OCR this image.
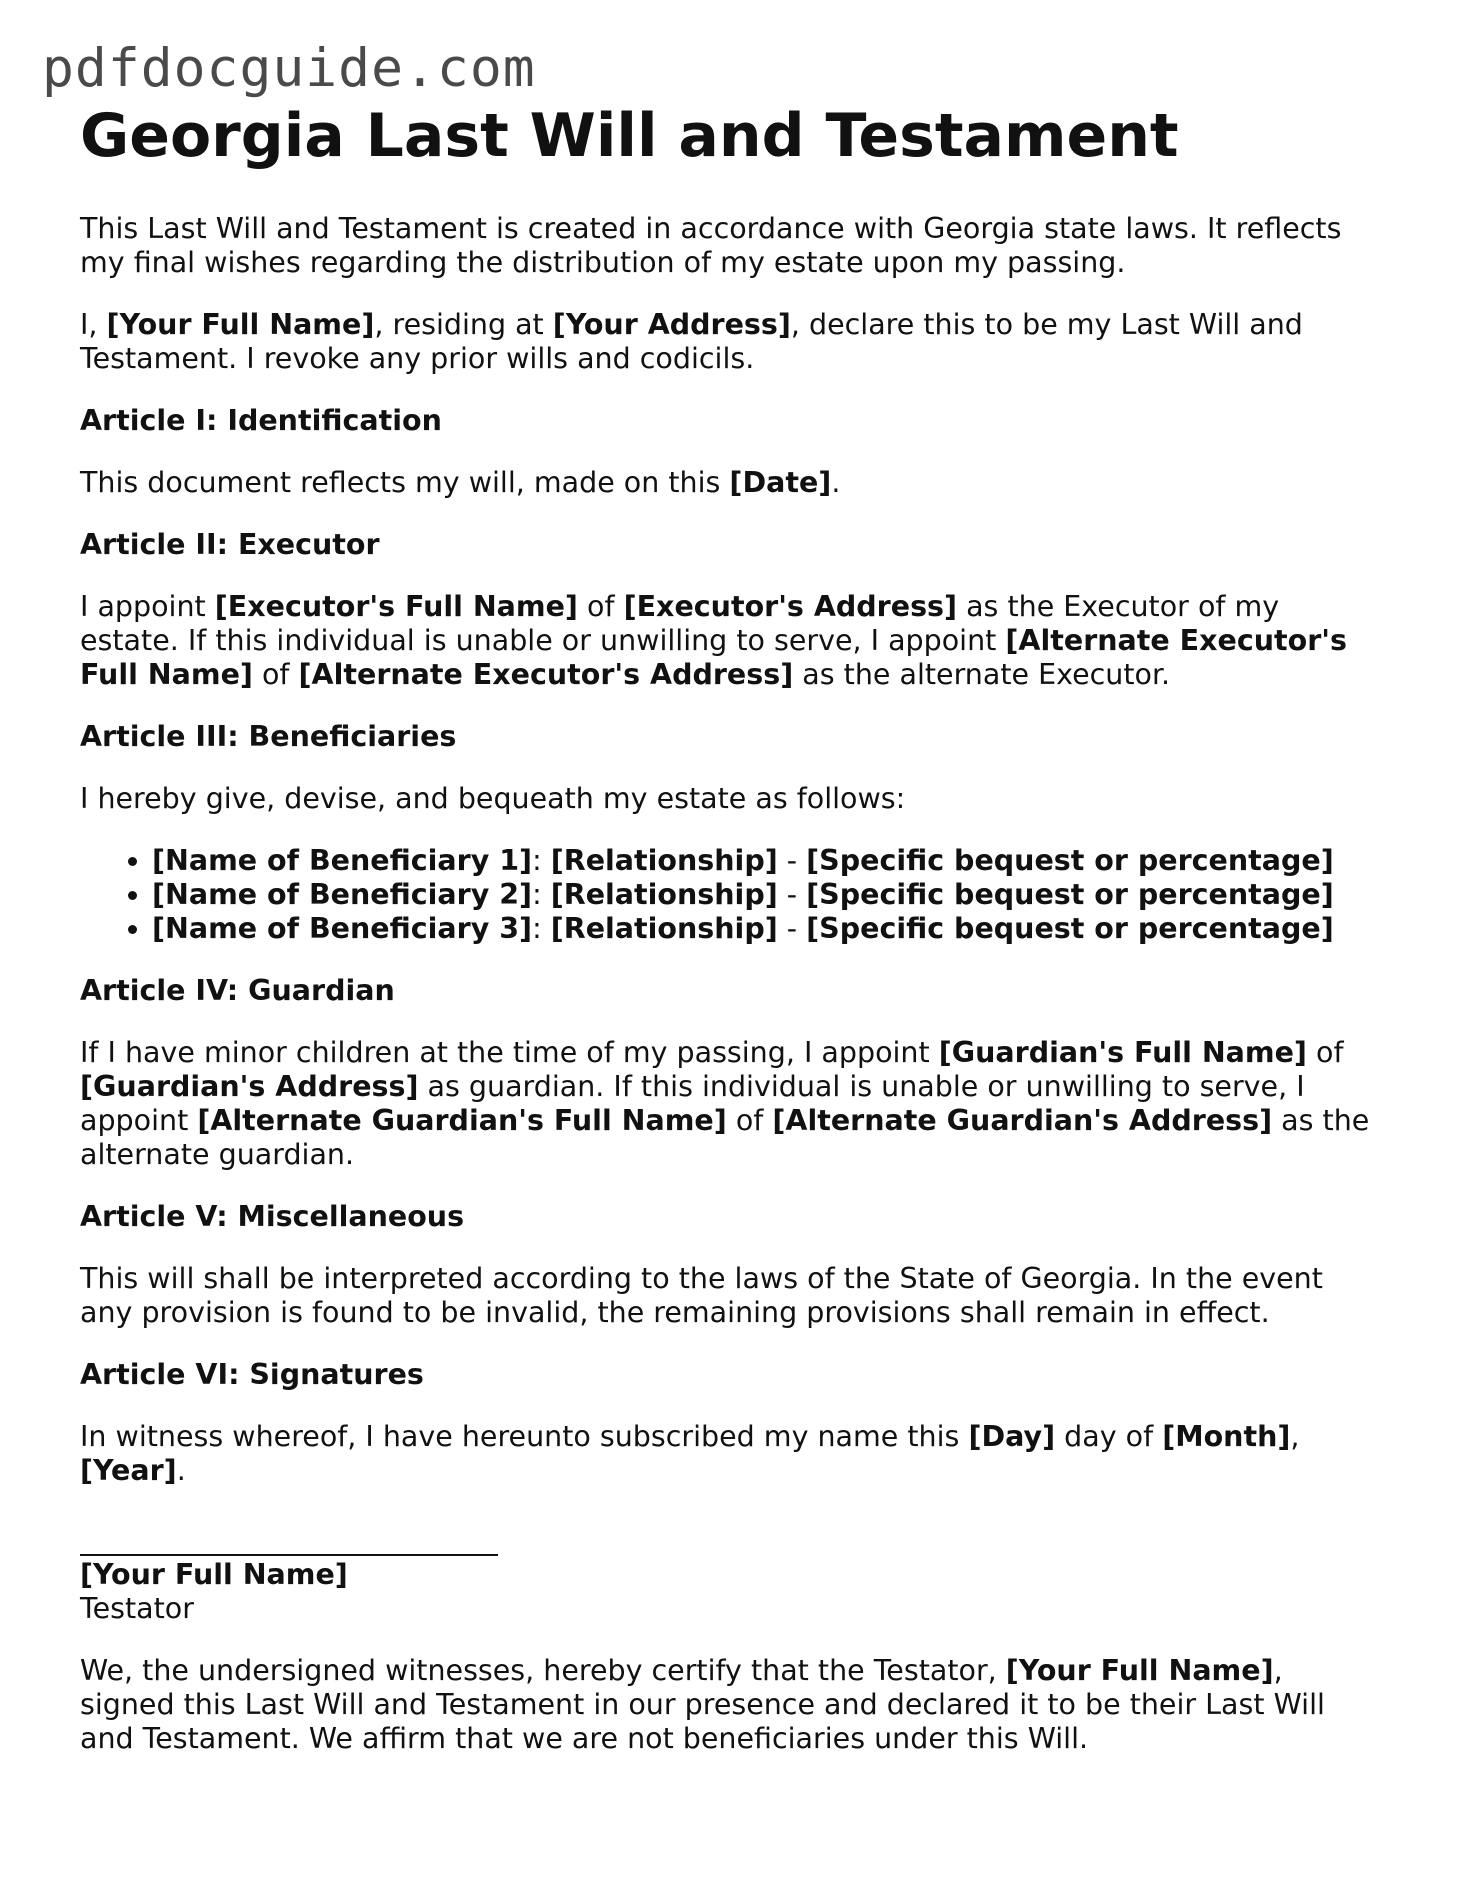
pdfdocguide.com
Georgia Last Will and Testament

This Last Will and Testament is created in accordance with Georgia state laws. It reflects my final wishes regarding the distribution of my estate upon my passing.

I, [Your Full Name], residing at [Your Address], declare this to be my Last Will and Testament. I revoke any prior wills and codicils.

Article I: Identification

This document reflects my will, made on this [Date].

Article II: Executor

I appoint [Executor's Full Name] of [Executor's Address] as the Executor of my estate. If this individual is unable or unwilling to serve, I appoint [Alternate Executor's Full Name] of [Alternate Executor's Address] as the alternate Executor.

Article III: Beneficiaries

I hereby give, devise, and bequeath my estate as follows:

• [Name of Beneficiary 1]: [Relationship] - [Specific bequest or percentage]
• [Name of Beneficiary 2]: [Relationship] - [Specific bequest or percentage]
• [Name of Beneficiary 3]: [Relationship] - [Specific bequest or percentage]

Article IV: Guardian

If I have minor children at the time of my passing, I appoint [Guardian's Full Name] of [Guardian's Address] as guardian. If this individual is unable or unwilling to serve, I appoint [Alternate Guardian's Full Name] of [Alternate Guardian's Address] as the alternate guardian.

Article V: Miscellaneous

This will shall be interpreted according to the laws of the State of Georgia. In the event any provision is found to be invalid, the remaining provisions shall remain in effect.

Article VI: Signatures

In witness whereof, I have hereunto subscribed my name this [Day] day of [Month], [Year].

[Your Full Name]
Testator

We, the undersigned witnesses, hereby certify that the Testator, [Your Full Name], signed this Last Will and Testament in our presence and declared it to be their Last Will and Testament. We affirm that we are not beneficiaries under this Will.
